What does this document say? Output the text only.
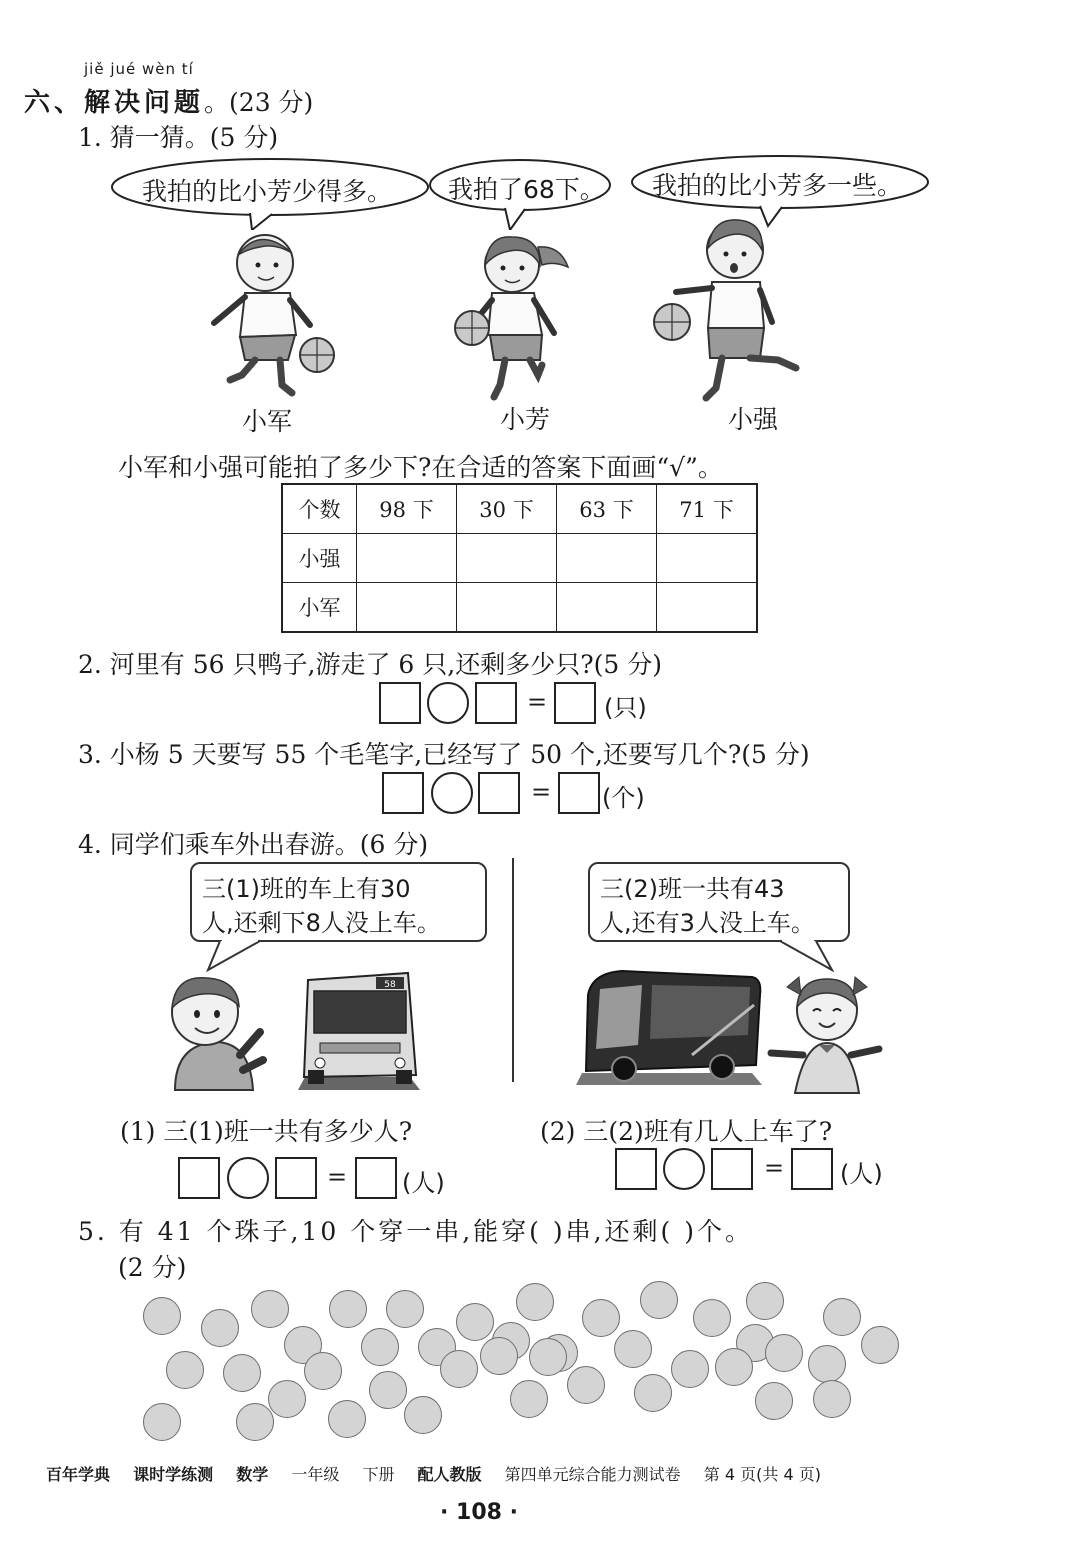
jiě jué wèn tí
六、解决问题。(23 分)
1. 猜一猜。(5 分)
我拍的比小芳少得多。 我拍了68下。 我拍的比小芳多一些。
小军	小芳	小强
小军和小强可能拍了多少下?在合适的答案下面画“√”。
个数	98 下	30 下	63 下	71 下
小强				
小军				
2. 河里有 56 只鸭子,游走了 6 只,还剩多少只?(5 分)
= (只)
3. 小杨 5 天要写 55 个毛笔字,已经写了 50 个,还要写几个?(5 分)
= (个)
4. 同学们乘车外出春游。(6 分)
三(1)班的车上有30
人,还剩下8人没上车。
三(2)班一共有43
人,还有3人没上车。
58
(1) 三(1)班一共有多少人?	(2) 三(2)班有几人上车了?
= (人)
= (人)
5. 有 41 个珠子,10 个穿一串,能穿( )串,还剩( )个。
(2 分)
百年学典 课时学练测 数学 一年级 下册 配人教版 第四单元综合能力测试卷 第 4 页(共 4 页)
· 108 ·
